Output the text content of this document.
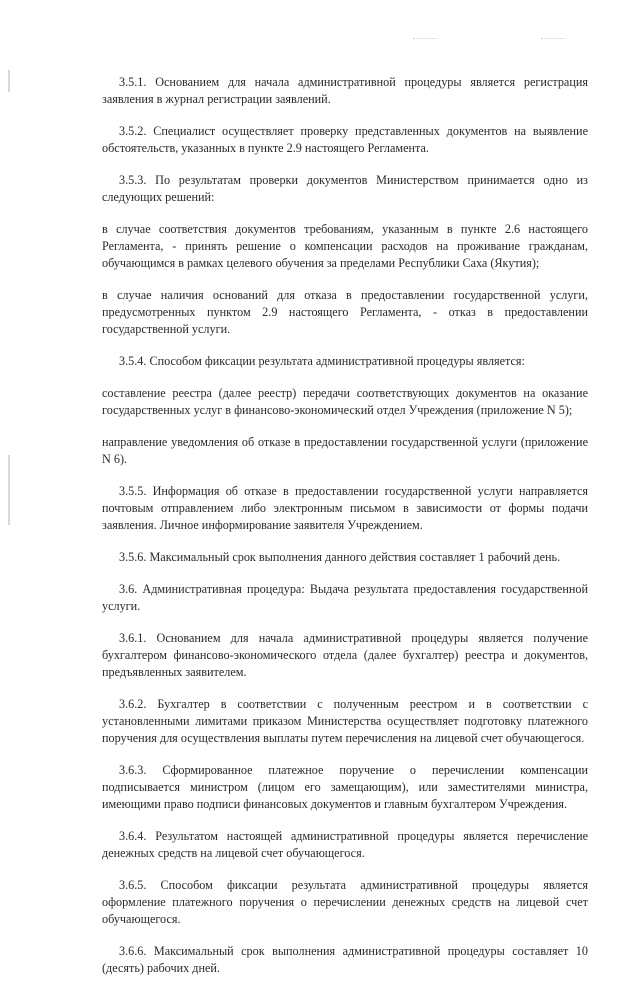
3.5.1. Основанием для начала административной процедуры является регистрация заявления в журнал регистрации заявлений.

3.5.2. Специалист осуществляет проверку представленных документов на выявление обстоятельств, указанных в пункте 2.9 настоящего Регламента.

3.5.3. По результатам проверки документов Министерством принимается одно из следующих решений:

в случае соответствия документов требованиям, указанным в пункте 2.6 настоящего Регламента, - принять решение о компенсации расходов на проживание гражданам, обучающимся в рамках целевого обучения за пределами Республики Саха (Якутия);

в случае наличия оснований для отказа в предоставлении государственной услуги, предусмотренных пунктом 2.9 настоящего Регламента, - отказ в предоставлении государственной услуги.

3.5.4. Способом фиксации результата административной процедуры является:

составление реестра (далее реестр) передачи соответствующих документов на оказание государственных услуг в финансово-экономический отдел Учреждения (приложение N 5);

направление уведомления об отказе в предоставлении государственной услуги (приложение N 6).

3.5.5. Информация об отказе в предоставлении государственной услуги направляется почтовым отправлением либо электронным письмом в зависимости от формы подачи заявления. Личное информирование заявителя Учреждением.

3.5.6. Максимальный срок выполнения данного действия составляет 1 рабочий день.

3.6. Административная процедура: Выдача результата предоставления государственной услуги.

3.6.1. Основанием для начала административной процедуры является получение бухгалтером финансово-экономического отдела (далее бухгалтер) реестра и документов, предъявленных заявителем.

3.6.2. Бухгалтер в соответствии с полученным реестром и в соответствии с установленными лимитами приказом Министерства осуществляет подготовку платежного поручения для осуществления выплаты путем перечисления на лицевой счет обучающегося.

3.6.3. Сформированное платежное поручение о перечислении компенсации подписывается министром (лицом его замещающим), или заместителями министра, имеющими право подписи финансовых документов и главным бухгалтером Учреждения.

3.6.4. Результатом настоящей административной процедуры является перечисление денежных средств на лицевой счет обучающегося.

3.6.5. Способом фиксации результата административной процедуры является оформление платежного поручения о перечислении денежных средств на лицевой счет обучающегося.

3.6.6. Максимальный срок выполнения административной процедуры составляет 10 (десять) рабочих дней.
